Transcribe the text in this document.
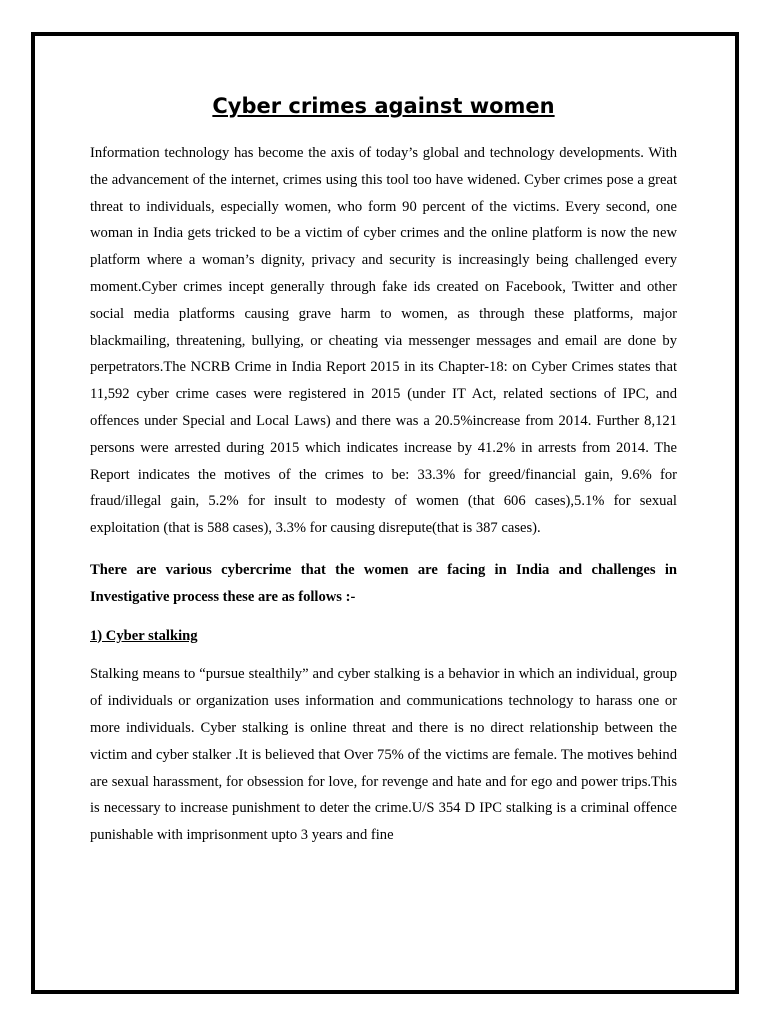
Cyber crimes against women

Information technology has become the axis of today’s global and technology developments. With the advancement of the internet, crimes using this tool too have widened. Cyber crimes pose a great threat to individuals, especially women, who form 90 percent of the victims. Every second, one woman in India gets tricked to be a victim of cyber crimes and the online platform is now the new platform where a woman’s dignity, privacy and security is increasingly being challenged every moment.Cyber crimes incept generally through fake ids created on Facebook, Twitter and other social media platforms causing grave harm to women, as through these platforms, major blackmailing, threatening, bullying, or cheating via messenger messages and email are done by perpetrators.The NCRB Crime in India Report 2015 in its Chapter-18: on Cyber Crimes states that 11,592 cyber crime cases were registered in 2015 (under IT Act, related sections of IPC, and offences under Special and Local Laws) and there was a 20.5%increase from 2014. Further 8,121 persons were arrested during 2015 which indicates increase by 41.2% in arrests from 2014. The Report indicates the motives of the crimes to be: 33.3% for greed/financial gain, 9.6% for fraud/illegal gain, 5.2% for insult to modesty of women (that 606 cases),5.1% for sexual exploitation (that is 588 cases), 3.3% for causing disrepute(that is 387 cases).

There are various cybercrime that the women are facing in India and challenges in Investigative process these are as follows :-

1) Cyber stalking

Stalking means to “pursue stealthily” and cyber stalking is a behavior in which an individual, group of individuals or organization uses information and communications technology to harass one or more individuals. Cyber stalking is online threat and there is no direct relationship between the victim and cyber stalker .It is believed that Over 75% of the victims are female. The motives behind are sexual harassment, for obsession for love, for revenge and hate and for ego and power trips.This is necessary to increase punishment to deter the crime.U/S 354 D IPC stalking is a criminal offence punishable with imprisonment upto 3 years and fine
